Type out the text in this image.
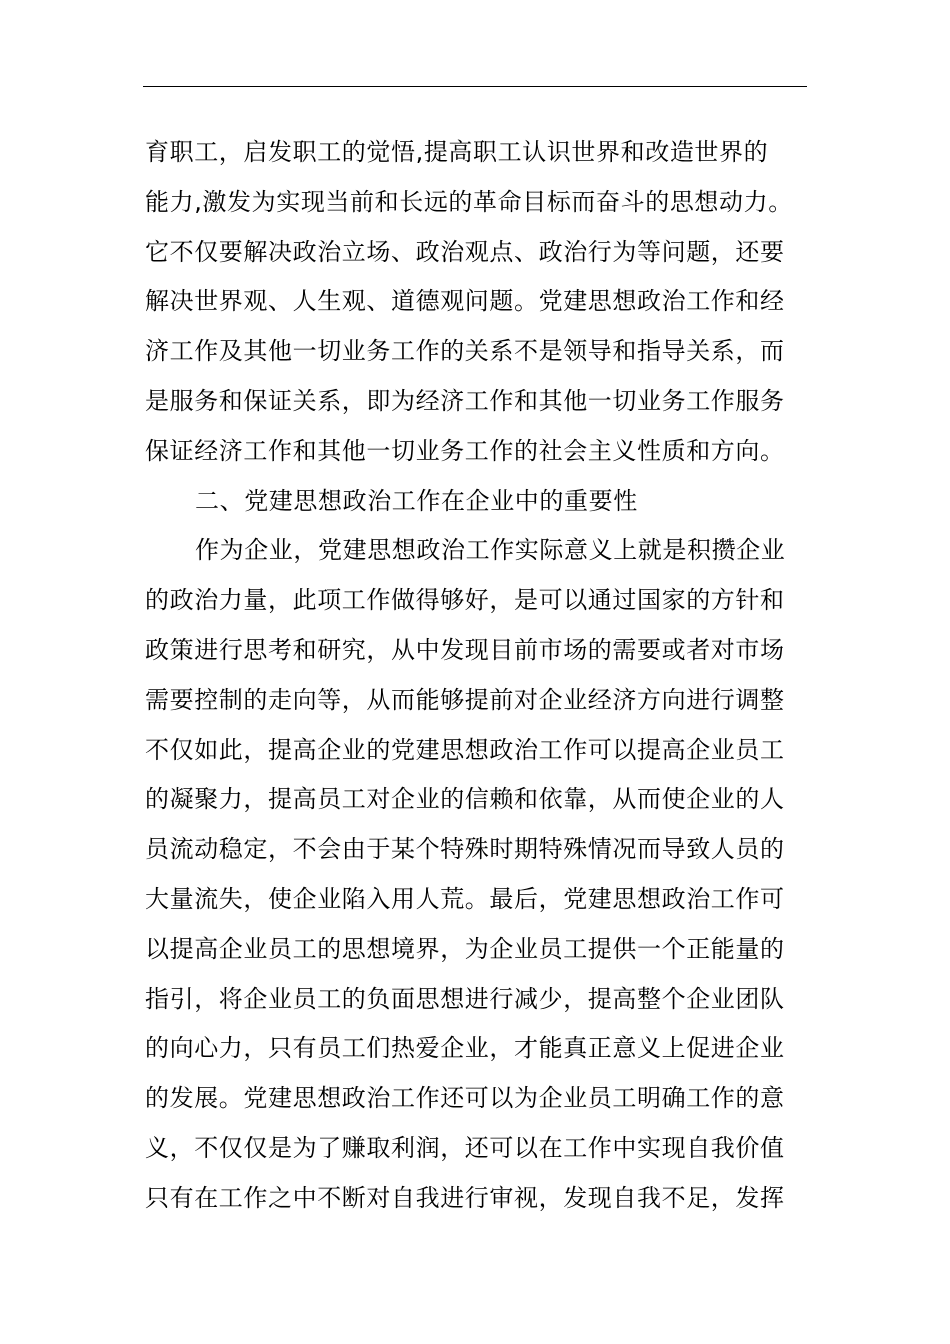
育职工，启发职工的觉悟,提高职工认识世界和改造世界的
能力,激发为实现当前和长远的革命目标而奋斗的思想动力。
它不仅要解决政治立场、政治观点、政治行为等问题，还要
解决世界观、人生观、道德观问题。党建思想政治工作和经
济工作及其他一切业务工作的关系不是领导和指导关系，而
是服务和保证关系，即为经济工作和其他一切业务工作服务
保证经济工作和其他一切业务工作的社会主义性质和方向。
二、党建思想政治工作在企业中的重要性
作为企业，党建思想政治工作实际意义上就是积攒企业
的政治力量，此项工作做得够好，是可以通过国家的方针和
政策进行思考和研究，从中发现目前市场的需要或者对市场
需要控制的走向等，从而能够提前对企业经济方向进行调整
不仅如此，提高企业的党建思想政治工作可以提高企业员工
的凝聚力，提高员工对企业的信赖和依靠，从而使企业的人
员流动稳定，不会由于某个特殊时期特殊情况而导致人员的
大量流失，使企业陷入用人荒。最后，党建思想政治工作可
以提高企业员工的思想境界，为企业员工提供一个正能量的
指引，将企业员工的负面思想进行减少，提高整个企业团队
的向心力，只有员工们热爱企业，才能真正意义上促进企业
的发展。党建思想政治工作还可以为企业员工明确工作的意
义，不仅仅是为了赚取利润，还可以在工作中实现自我价值
只有在工作之中不断对自我进行审视，发现自我不足，发挥
